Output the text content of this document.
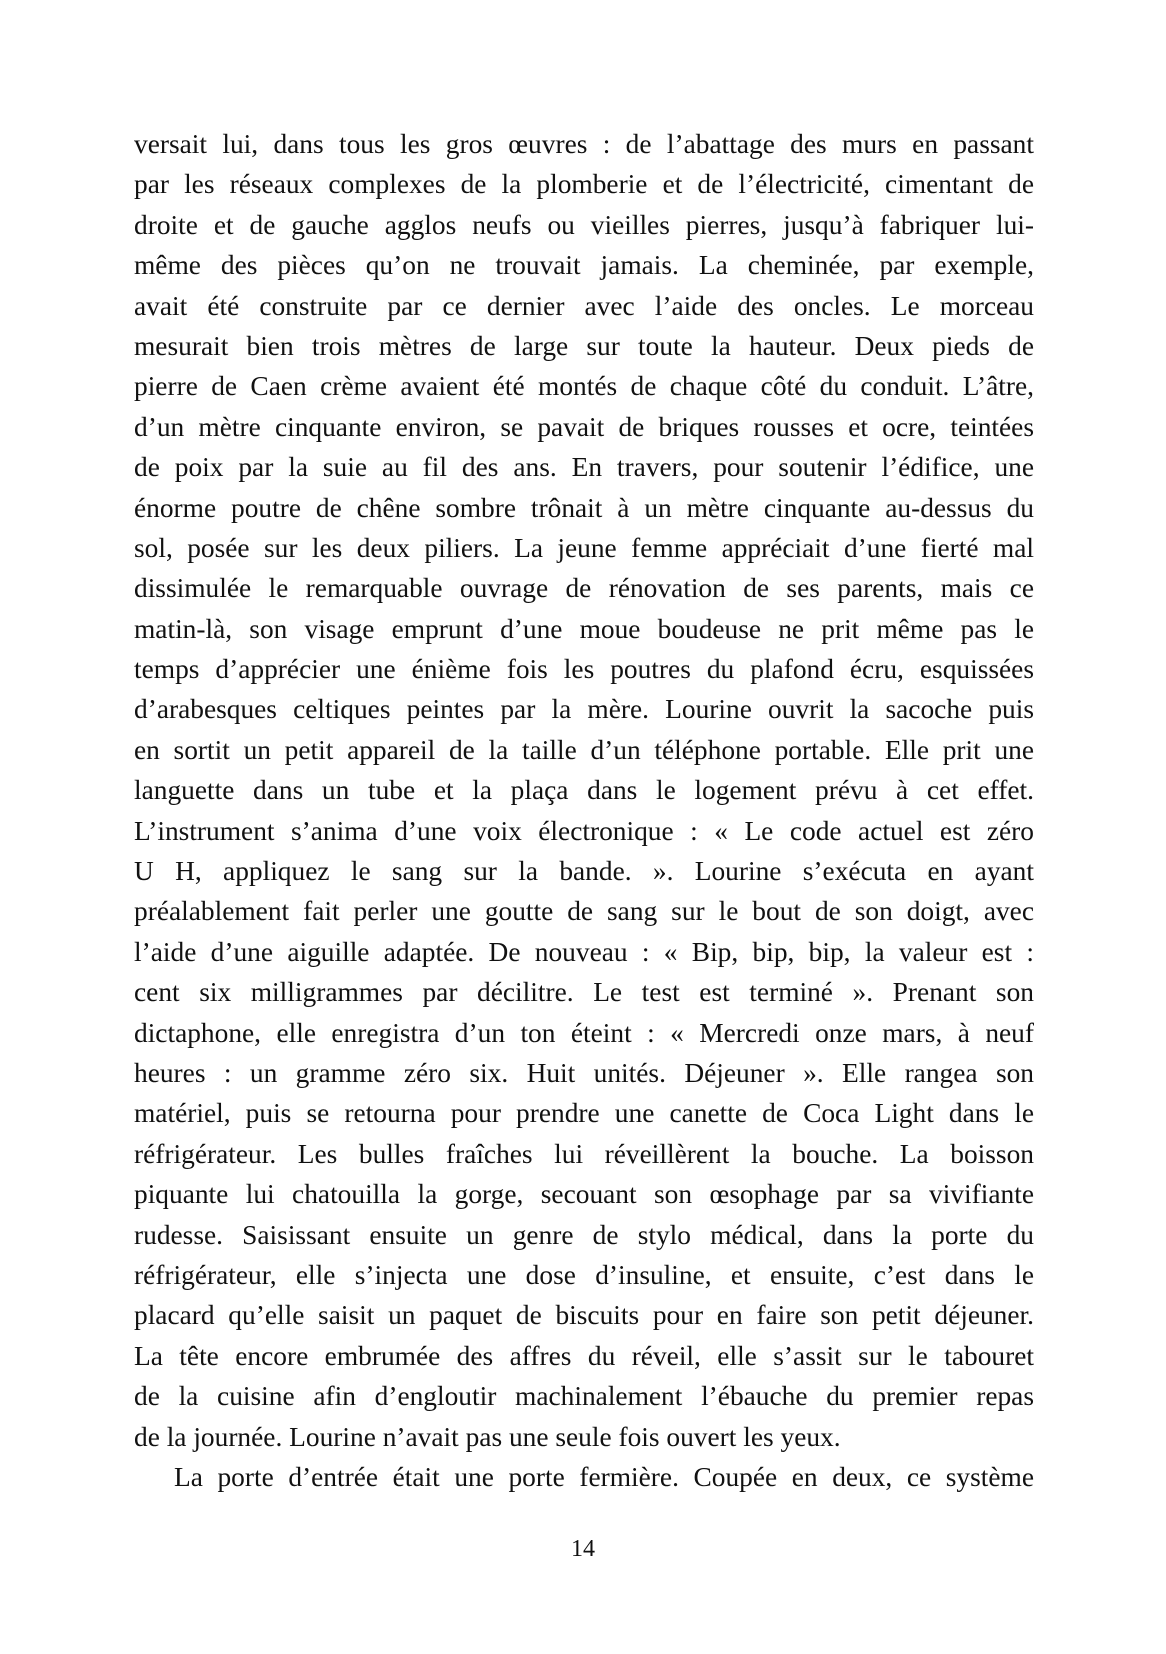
versait lui, dans tous les gros œuvres : de l’abattage des murs en passant
par les réseaux complexes de la plomberie et de l’électricité, cimentant de
droite et de gauche agglos neufs ou vieilles pierres, jusqu’à fabriquer lui-
même des pièces qu’on ne trouvait jamais. La cheminée, par exemple,
avait été construite par ce dernier avec l’aide des oncles. Le morceau
mesurait bien trois mètres de large sur toute la hauteur. Deux pieds de
pierre de Caen crème avaient été montés de chaque côté du conduit. L’âtre,
d’un mètre cinquante environ, se pavait de briques rousses et ocre, teintées
de poix par la suie au fil des ans. En travers, pour soutenir l’édifice, une
énorme poutre de chêne sombre trônait à un mètre cinquante au-dessus du
sol, posée sur les deux piliers. La jeune femme appréciait d’une fierté mal
dissimulée le remarquable ouvrage de rénovation de ses parents, mais ce
matin-là, son visage emprunt d’une moue boudeuse ne prit même pas le
temps d’apprécier une énième fois les poutres du plafond écru, esquissées
d’arabesques celtiques peintes par la mère. Lourine ouvrit la sacoche puis
en sortit un petit appareil de la taille d’un téléphone portable. Elle prit une
languette dans un tube et la plaça dans le logement prévu à cet effet.
L’instrument s’anima d’une voix électronique : « Le code actuel est zéro
U H, appliquez le sang sur la bande. ». Lourine s’exécuta en ayant
préalablement fait perler une goutte de sang sur le bout de son doigt, avec
l’aide d’une aiguille adaptée. De nouveau : « Bip, bip, bip, la valeur est :
cent six milligrammes par décilitre. Le test est terminé ». Prenant son
dictaphone, elle enregistra d’un ton éteint : « Mercredi onze mars, à neuf
heures : un gramme zéro six. Huit unités. Déjeuner ». Elle rangea son
matériel, puis se retourna pour prendre une canette de Coca Light dans le
réfrigérateur. Les bulles fraîches lui réveillèrent la bouche. La boisson
piquante lui chatouilla la gorge, secouant son œsophage par sa vivifiante
rudesse. Saisissant ensuite un genre de stylo médical, dans la porte du
réfrigérateur, elle s’injecta une dose d’insuline, et ensuite, c’est dans le
placard qu’elle saisit un paquet de biscuits pour en faire son petit déjeuner.
La tête encore embrumée des affres du réveil, elle s’assit sur le tabouret
de la cuisine afin d’engloutir machinalement l’ébauche du premier repas
de la journée. Lourine n’avait pas une seule fois ouvert les yeux.
La porte d’entrée était une porte fermière. Coupée en deux, ce système
14
